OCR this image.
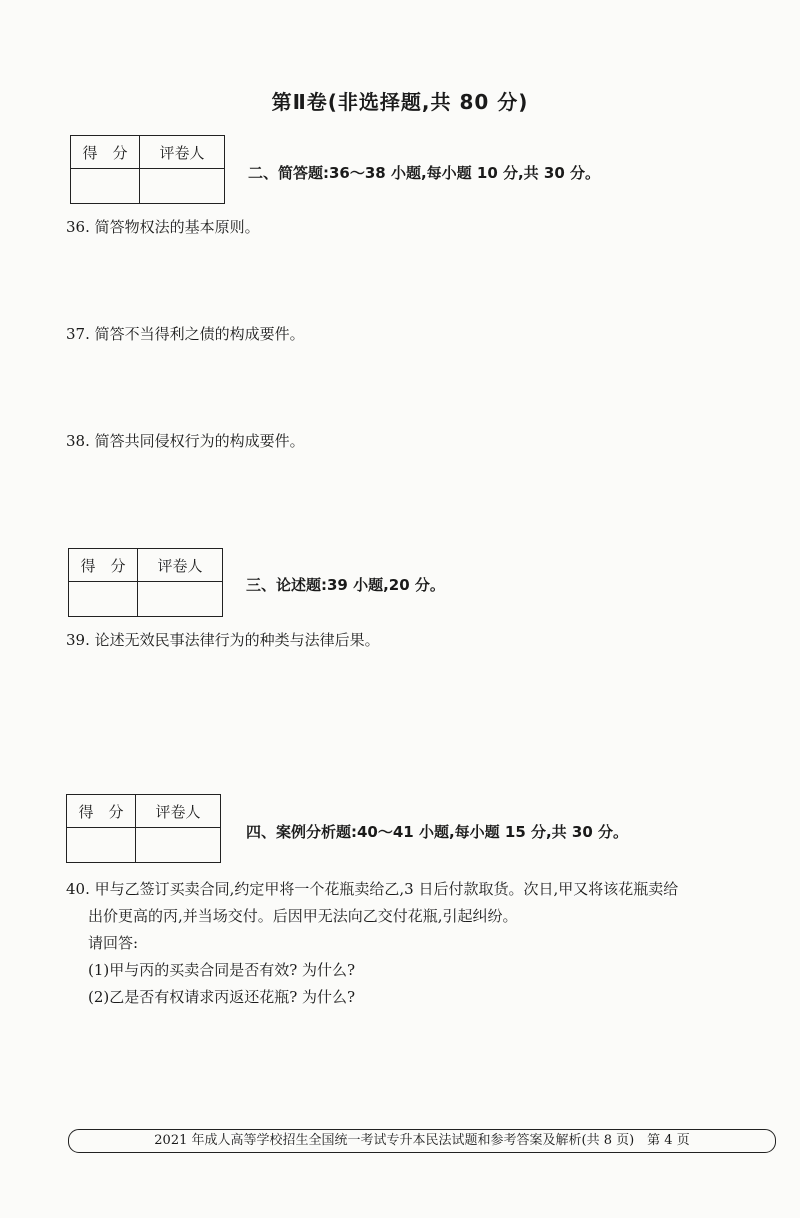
第Ⅱ卷(非选择题,共 80 分)
得　分	评卷人

二、简答题:36～38 小题,每小题 10 分,共 30 分。
36. 简答物权法的基本原则。
37. 简答不当得利之债的构成要件。
38. 简答共同侵权行为的构成要件。
得　分	评卷人

三、论述题:39 小题,20 分。
39. 论述无效民事法律行为的种类与法律后果。
得　分	评卷人

四、案例分析题:40～41 小题,每小题 15 分,共 30 分。
40. 甲与乙签订买卖合同,约定甲将一个花瓶卖给乙,3 日后付款取货。次日,甲又将该花瓶卖给
出价更高的丙,并当场交付。后因甲无法向乙交付花瓶,引起纠纷。
请回答:
(1)甲与丙的买卖合同是否有效? 为什么?
(2)乙是否有权请求丙返还花瓶? 为什么?
2021 年成人高等学校招生全国统一考试专升本民法试题和参考答案及解析(共 8 页)　第 4 页
